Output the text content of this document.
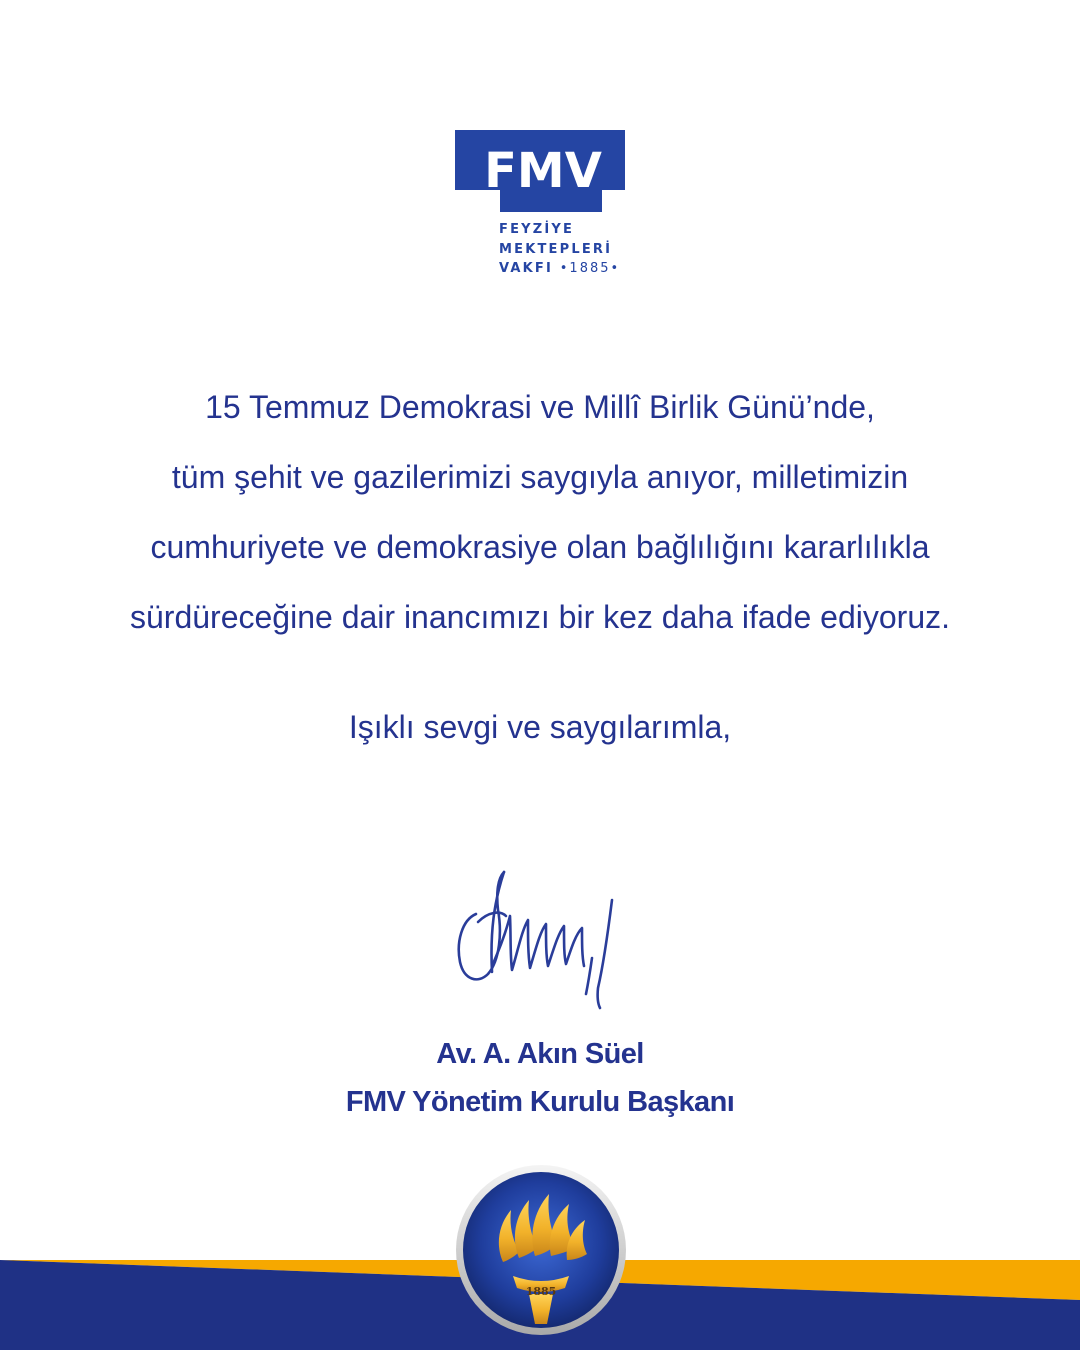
FMV
FEYZİYE
MEKTEPLERİ
VAKFI •1885•

15 Temmuz Demokrasi ve Millî Birlik Günü’nde,

tüm şehit ve gazilerimizi saygıyla anıyor, milletimizin

cumhuriyete ve demokrasiye olan bağlılığını kararlılıkla

sürdüreceğine dair inancımızı bir kez daha ifade ediyoruz.

Işıklı sevgi ve saygılarımla,

Av. A. Akın Süel
FMV Yönetim Kurulu Başkanı
1885
